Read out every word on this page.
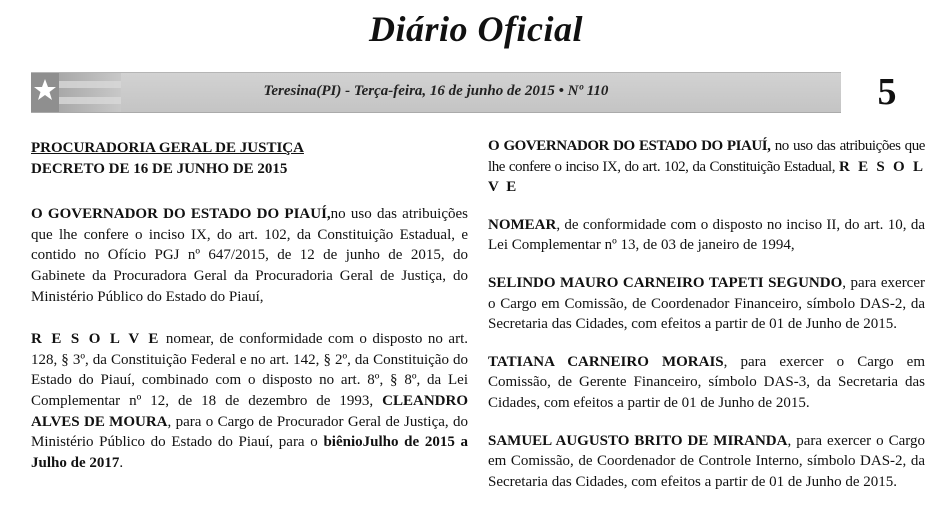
Diário Oficial
Teresina(PI) - Terça-feira, 16 de junho de 2015 • Nº 110	5

PROCURADORIA GERAL DE JUSTIÇA
DECRETO DE 16 DE JUNHO DE 2015

O GOVERNADOR DO ESTADO DO PIAUÍ,no uso das atribuições que lhe confere o inciso IX, do art. 102, da Constituição Estadual, e contido no Ofício PGJ nº 647/2015, de 12 de junho de 2015, do Gabinete da Procuradora Geral da Procuradoria Geral de Justiça, do Ministério Público do Estado do Piauí,

R E S O L V E nomear, de conformidade com o disposto no art. 128, § 3º, da Constituição Federal e no art. 142, § 2º, da Constituição do Estado do Piauí, combinado com o disposto no art. 8º, § 8º, da Lei Complementar nº 12, de 18 de dezembro de 1993, CLEANDRO ALVES DE MOURA, para o Cargo de Procurador Geral de Justiça, do Ministério Público do Estado do Piauí, para o biênioJulho de 2015 a Julho de 2017.

O GOVERNADOR DO ESTADO DO PIAUÍ, no uso das atribuições que lhe confere o inciso IX, do art. 102, da Constituição Estadual, R E S O L V E

NOMEAR, de conformidade com o disposto no inciso II, do art. 10, da Lei Complementar nº 13, de 03 de janeiro de 1994,

SELINDO MAURO CARNEIRO TAPETI SEGUNDO, para exercer o Cargo em Comissão, de Coordenador Financeiro, símbolo DAS-2, da Secretaria das Cidades, com efeitos a partir de 01 de Junho de 2015.

TATIANA CARNEIRO MORAIS, para exercer o Cargo em Comissão, de Gerente Financeiro, símbolo DAS-3, da Secretaria das Cidades, com efeitos a partir de 01 de Junho de 2015.

SAMUEL AUGUSTO BRITO DE MIRANDA, para exercer o Cargo em Comissão, de Coordenador de Controle Interno, símbolo DAS-2, da Secretaria das Cidades, com efeitos a partir de 01 de Junho de 2015.
